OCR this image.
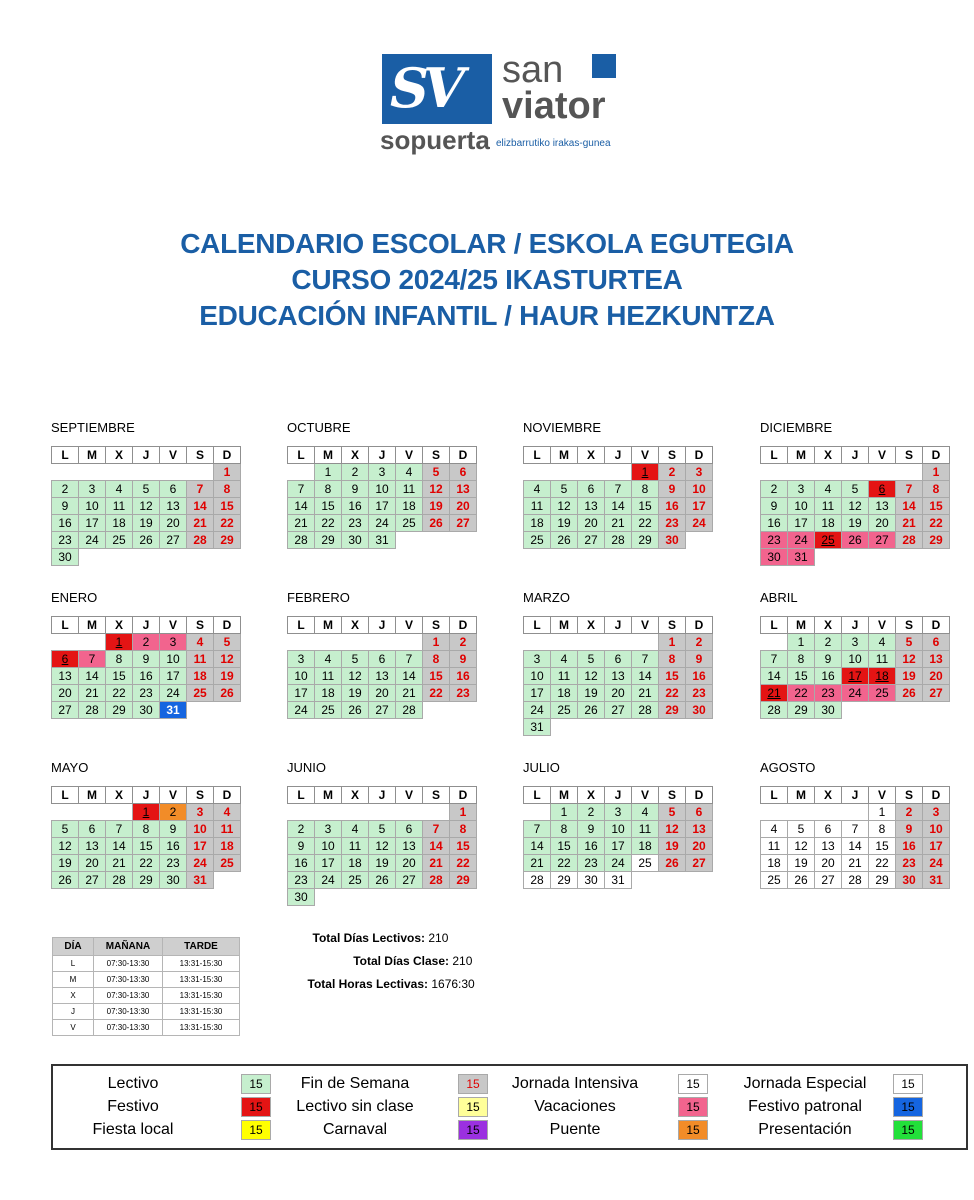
SV san
viator
sopuerta elizbarrutiko irakas-gunea
CALENDARIO ESCOLAR / ESKOLA EGUTEGIA
CURSO 2024/25 IKASTURTEA
EDUCACIÓN INFANTIL / HAUR HEZKUNTZA
SEPTIEMBRE
L	M	X	J	V	S	D
						1
2	3	4	5	6	7	8
9	10	11	12	13	14	15
16	17	18	19	20	21	22
23	24	25	26	27	28	29
30						
OCTUBRE
L	M	X	J	V	S	D
	1	2	3	4	5	6
7	8	9	10	11	12	13
14	15	16	17	18	19	20
21	22	23	24	25	26	27
28	29	30	31			
NOVIEMBRE
L	M	X	J	V	S	D
				1	2	3
4	5	6	7	8	9	10
11	12	13	14	15	16	17
18	19	20	21	22	23	24
25	26	27	28	29	30	
DICIEMBRE
L	M	X	J	V	S	D
						1
2	3	4	5	6	7	8
9	10	11	12	13	14	15
16	17	18	19	20	21	22
23	24	25	26	27	28	29
30	31					
ENERO
L	M	X	J	V	S	D
		1	2	3	4	5
6	7	8	9	10	11	12
13	14	15	16	17	18	19
20	21	22	23	24	25	26
27	28	29	30	31		
FEBRERO
L	M	X	J	V	S	D
					1	2
3	4	5	6	7	8	9
10	11	12	13	14	15	16
17	18	19	20	21	22	23
24	25	26	27	28		
MARZO
L	M	X	J	V	S	D
					1	2
3	4	5	6	7	8	9
10	11	12	13	14	15	16
17	18	19	20	21	22	23
24	25	26	27	28	29	30
31						
ABRIL
L	M	X	J	V	S	D
	1	2	3	4	5	6
7	8	9	10	11	12	13
14	15	16	17	18	19	20
21	22	23	24	25	26	27
28	29	30				
MAYO
L	M	X	J	V	S	D
			1	2	3	4
5	6	7	8	9	10	11
12	13	14	15	16	17	18
19	20	21	22	23	24	25
26	27	28	29	30	31	
JUNIO
L	M	X	J	V	S	D
						1
2	3	4	5	6	7	8
9	10	11	12	13	14	15
16	17	18	19	20	21	22
23	24	25	26	27	28	29
30						
JULIO
L	M	X	J	V	S	D
	1	2	3	4	5	6
7	8	9	10	11	12	13
14	15	16	17	18	19	20
21	22	23	24	25	26	27
28	29	30	31			
AGOSTO
L	M	X	J	V	S	D
				1	2	3
4	5	6	7	8	9	10
11	12	13	14	15	16	17
18	19	20	21	22	23	24
25	26	27	28	29	30	31
DÍA	MAÑANA	TARDE
L	07:30-13:30	13:31-15:30
M	07:30-13:30	13:31-15:30
X	07:30-13:30	13:31-15:30
J	07:30-13:30	13:31-15:30
V	07:30-13:30	13:31-15:30
Total Días Lectivos: 210
Total Días Clase: 210
Total Horas Lectivas: 1676:30
Lectivo	15	Fin de Semana	15	Jornada Intensiva	15	Jornada Especial	15
Festivo	15	Lectivo sin clase	15	Vacaciones	15	Festivo patronal	15
Fiesta local	15	Carnaval	15	Puente	15	Presentación	15
